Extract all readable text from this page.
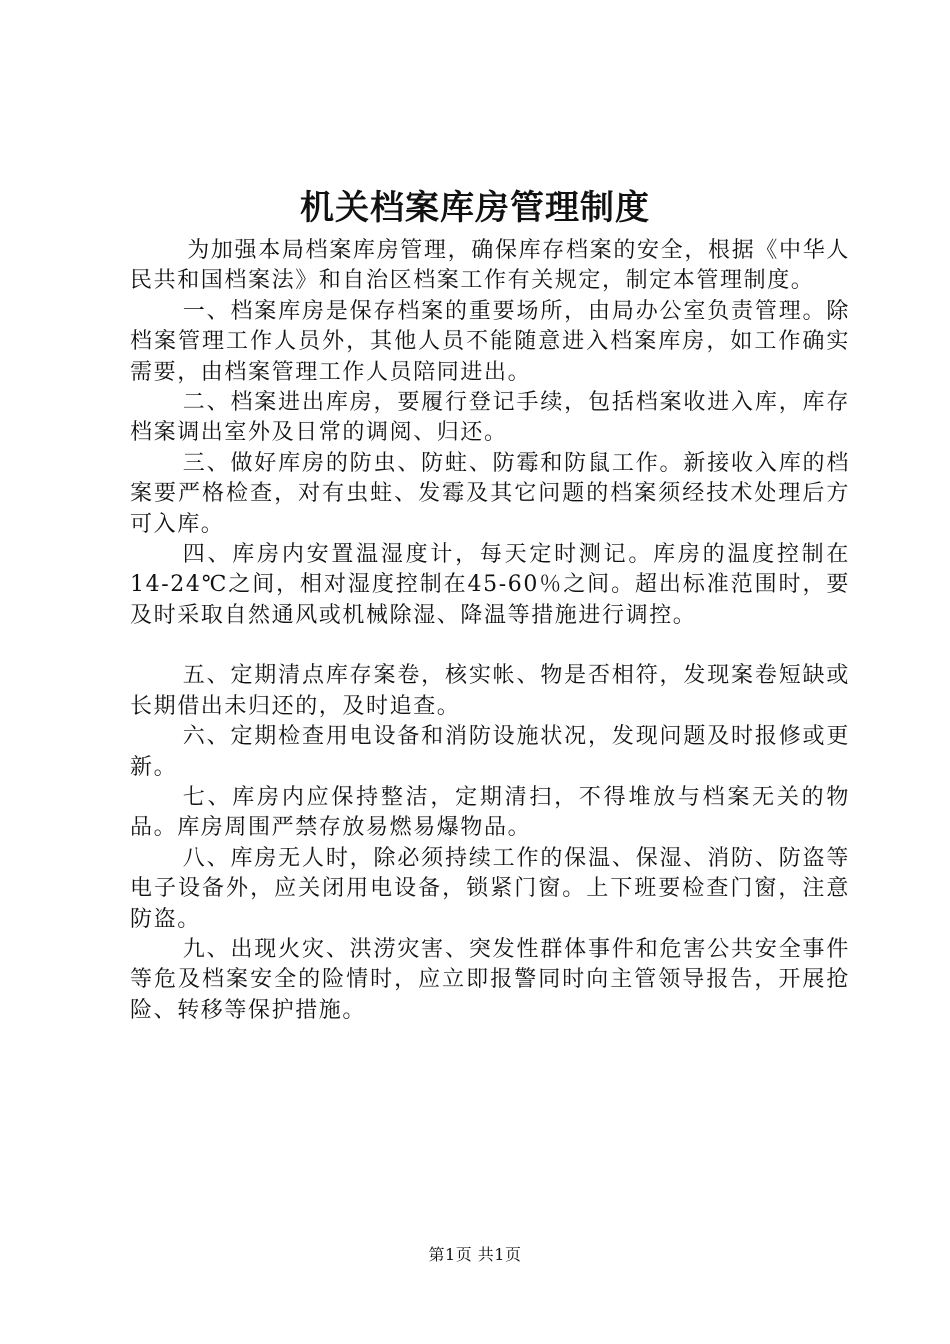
机关档案库房管理制度

为加强本局档案库房管理，确保库存档案的安全，根据《中华人民共和国档案法》和自治区档案工作有关规定，制定本管理制度。

一、档案库房是保存档案的重要场所，由局办公室负责管理。除档案管理工作人员外，其他人员不能随意进入档案库房，如工作确实需要，由档案管理工作人员陪同进出。

二、档案进出库房，要履行登记手续，包括档案收进入库，库存档案调出室外及日常的调阅、归还。

三、做好库房的防虫、防蛀、防霉和防鼠工作。新接收入库的档案要严格检查，对有虫蛀、发霉及其它问题的档案须经技术处理后方可入库。

四、库房内安置温湿度计，每天定时测记。库房的温度控制在14-24℃之间，相对湿度控制在45-60％之间。超出标准范围时，要及时采取自然通风或机械除湿、降温等措施进行调控。

五、定期清点库存案卷，核实帐、物是否相符，发现案卷短缺或长期借出未归还的，及时追查。

六、定期检查用电设备和消防设施状况，发现问题及时报修或更新。

七、库房内应保持整洁，定期清扫，不得堆放与档案无关的物品。库房周围严禁存放易燃易爆物品。

八、库房无人时，除必须持续工作的保温、保湿、消防、防盗等电子设备外，应关闭用电设备，锁紧门窗。上下班要检查门窗，注意防盗。

九、出现火灾、洪涝灾害、突发性群体事件和危害公共安全事件等危及档案安全的险情时，应立即报警同时向主管领导报告，开展抢险、转移等保护措施。

第1页 共1页
